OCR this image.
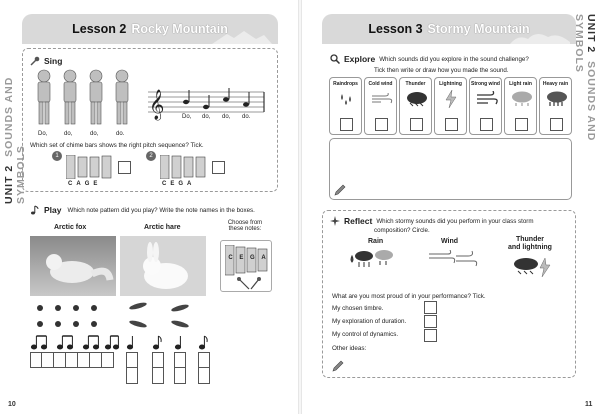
UNIT 2  SOUNDS AND SYMBOLS
Lesson 2 Rocky Mountain
Sing
Do,	do,	do,	do.
𝄞	Do, do, do, do.
Which set of chime bars shows the right pitch sequence? Tick.
1
CAGE
2
CEGA
Play Which note pattern did you play? Write the note names in the boxes.
Arctic fox	Arctic hare
Choose from
these notes:
C E G A
10
Lesson 3 Stormy Mountain	UNIT 2  SOUNDS AND SYMBOLS
Explore Which sounds did you explore in the sound challenge?
Tick then write or draw how you made the sound.
Raindrops	Cold wind	Thunder	Lightning	Strong wind	Light rain	Heavy rain
Reflect Which stormy sounds did you perform in your class storm
composition? Circle.
Rain	Wind	Thunder
and lightning
What are you most proud of in your performance? Tick.
My chosen timbre.
My exploration of duration.
My control of dynamics.
Other ideas:
11
